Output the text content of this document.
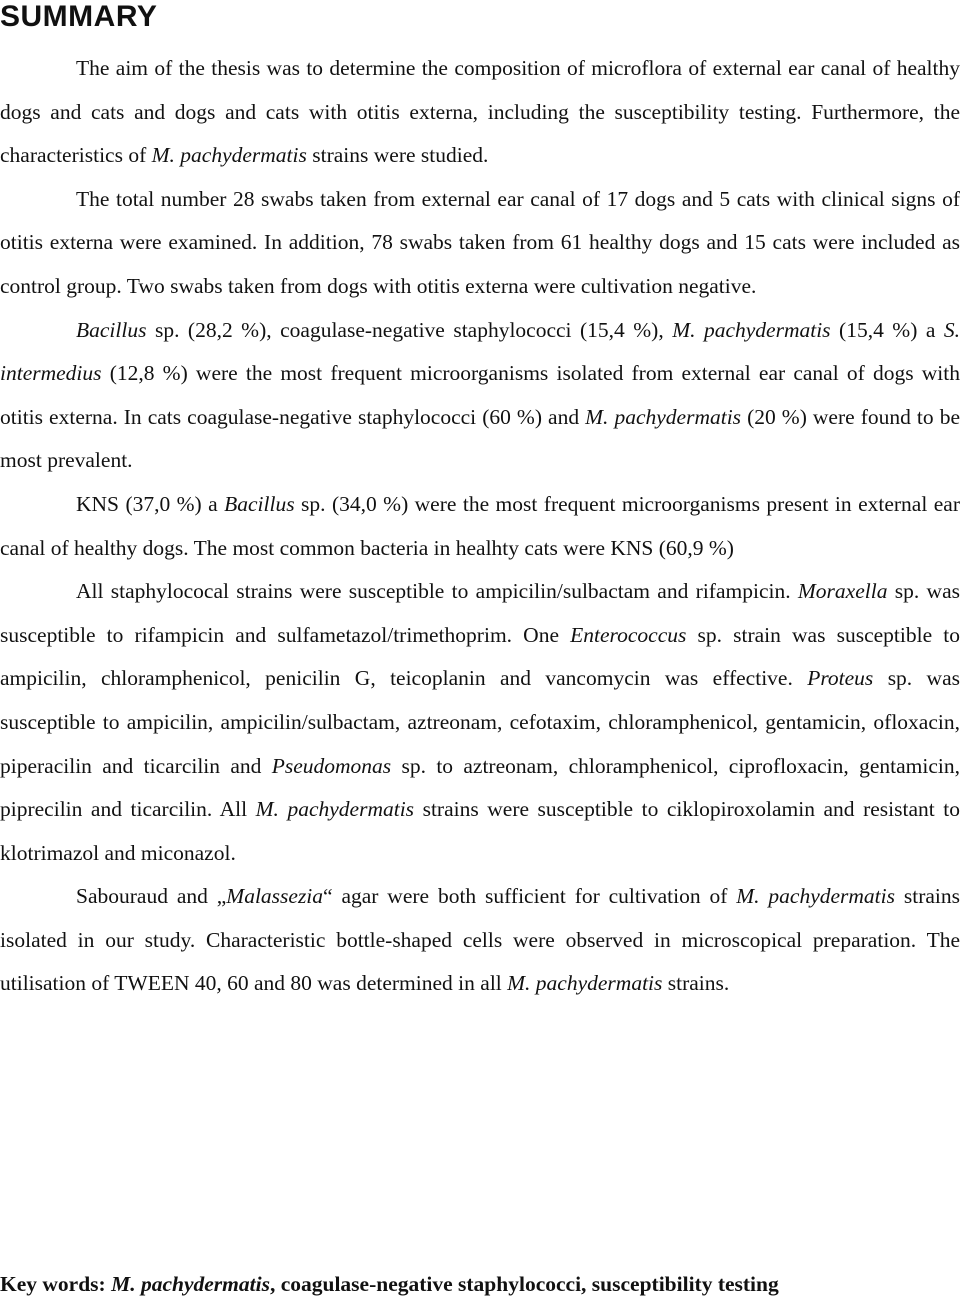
SUMMARY

The aim of the thesis was to determine the composition of microflora of external ear canal of healthy dogs and cats and dogs and cats with otitis externa, including the susceptibility testing. Furthermore, the characteristics of M. pachydermatis strains were studied.

The total number 28 swabs taken from external ear canal of 17 dogs and 5 cats with clinical signs of otitis externa were examined. In addition, 78 swabs taken from 61 healthy dogs and 15 cats were included as control group. Two swabs taken from dogs with otitis externa were cultivation negative.

Bacillus sp. (28,2 %), coagulase-negative staphylococci (15,4 %), M. pachydermatis (15,4 %) a S. intermedius (12,8 %) were the most frequent microorganisms isolated from external ear canal of dogs with otitis externa. In cats coagulase-negative staphylococci (60 %) and M. pachydermatis (20 %) were found to be most prevalent.

KNS (37,0 %) a Bacillus sp. (34,0 %) were the most frequent microorganisms present in external ear canal of healthy dogs. The most common bacteria in healhty cats were KNS (60,9 %)

All staphylococal strains were susceptible to ampicilin/sulbactam and rifampicin. Moraxella sp. was susceptible to rifampicin and sulfametazol/trimethoprim. One Enterococcus sp. strain was susceptible to ampicilin, chloramphenicol, penicilin G, teicoplanin and vancomycin was effective. Proteus sp. was susceptible to ampicilin, ampicilin/sulbactam, aztreonam, cefotaxim, chloramphenicol, gentamicin, ofloxacin, piperacilin and ticarcilin and Pseudomonas sp. to aztreonam, chloramphenicol, ciprofloxacin, gentamicin, piprecilin and ticarcilin. All M. pachydermatis strains were susceptible to ciklopiroxolamin and resistant to klotrimazol and miconazol.

Sabouraud and „Malassezia“ agar were both sufficient for cultivation of M. pachydermatis strains isolated in our study. Characteristic bottle-shaped cells were observed in microscopical preparation. The utilisation of TWEEN 40, 60 and 80 was determined in all M. pachydermatis strains.

Key words: M. pachydermatis, coagulase-negative staphylococci, susceptibility testing
